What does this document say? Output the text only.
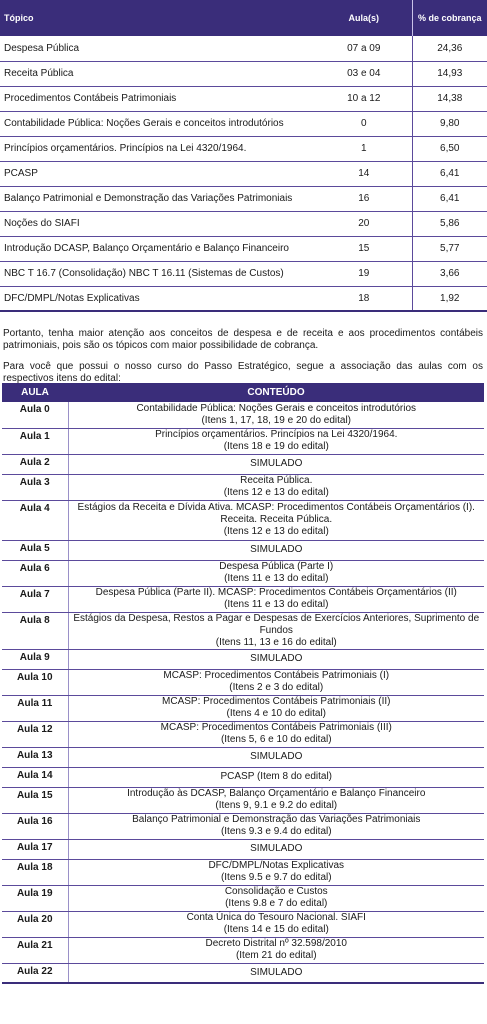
Tópico	Aula(s)	% de cobrança
Despesa Pública	07 a 09	24,36
Receita Pública	03 e 04	14,93
Procedimentos Contábeis Patrimoniais	10 a 12	14,38
Contabilidade Pública: Noções Gerais e conceitos introdutórios	0	9,80
Princípios orçamentários. Princípios na Lei 4320/1964.	1	6,50
PCASP	14	6,41
Balanço Patrimonial e Demonstração das Variações Patrimoniais	16	6,41
Noções do SIAFI	20	5,86
Introdução DCASP, Balanço Orçamentário e Balanço Financeiro	15	5,77
NBC T 16.7 (Consolidação) NBC T 16.11 (Sistemas de Custos)	19	3,66
DFC/DMPL/Notas Explicativas	18	1,92

Portanto, tenha maior atenção aos conceitos de despesa e de receita e aos procedimentos contábeis patrimoniais, pois são os tópicos com maior possibilidade de cobrança.

Para você que possui o nosso curso do Passo Estratégico, segue a associação das aulas com os respectivos itens do edital:

AULA	CONTEÚDO
Aula 0	Contabilidade Pública: Noções Gerais e conceitos introdutórios
(Itens 1, 17, 18, 19 e 20 do edital)

Aula 1	Princípios orçamentários. Princípios na Lei 4320/1964.
(Itens 18 e 19 do edital)

Aula 2	SIMULADO

Aula 3	Receita Pública.
(Itens 12 e 13 do edital)

Aula 4	Estágios da Receita e Dívida Ativa. MCASP: Procedimentos Contábeis Orçamentários (I).
Receita. Receita Pública.
(Itens 12 e 13 do edital)

Aula 5	SIMULADO

Aula 6	Despesa Pública (Parte I)
(Itens 11 e 13 do edital)

Aula 7	Despesa Pública (Parte II). MCASP: Procedimentos Contábeis Orçamentários (II)
(Itens 11 e 13 do edital)

Aula 8	Estágios da Despesa, Restos a Pagar e Despesas de Exercícios Anteriores, Suprimento de Fundos
(Itens 11, 13 e 16 do edital)

Aula 9	SIMULADO

Aula 10	MCASP: Procedimentos Contábeis Patrimoniais (I)
(Itens 2 e 3 do edital)

Aula 11	MCASP: Procedimentos Contábeis Patrimoniais (II)
(Itens 4 e 10 do edital)

Aula 12	MCASP: Procedimentos Contábeis Patrimoniais (III)
(Itens 5, 6 e 10 do edital)

Aula 13	SIMULADO

Aula 14	PCASP (Item 8 do edital)

Aula 15	Introdução às DCASP, Balanço Orçamentário e Balanço Financeiro
(Itens 9, 9.1 e 9.2 do edital)

Aula 16	Balanço Patrimonial e Demonstração das Variações Patrimoniais
(Itens 9.3 e 9.4 do edital)

Aula 17	SIMULADO

Aula 18	DFC/DMPL/Notas Explicativas
(Itens 9.5 e 9.7 do edital)

Aula 19	Consolidação e Custos
(Itens 9.8 e 7 do edital)

Aula 20	Conta Única do Tesouro Nacional. SIAFI
(Itens 14 e 15 do edital)

Aula 21	Decreto Distrital nº 32.598/2010
(Item 21 do edital)

Aula 22	SIMULADO
